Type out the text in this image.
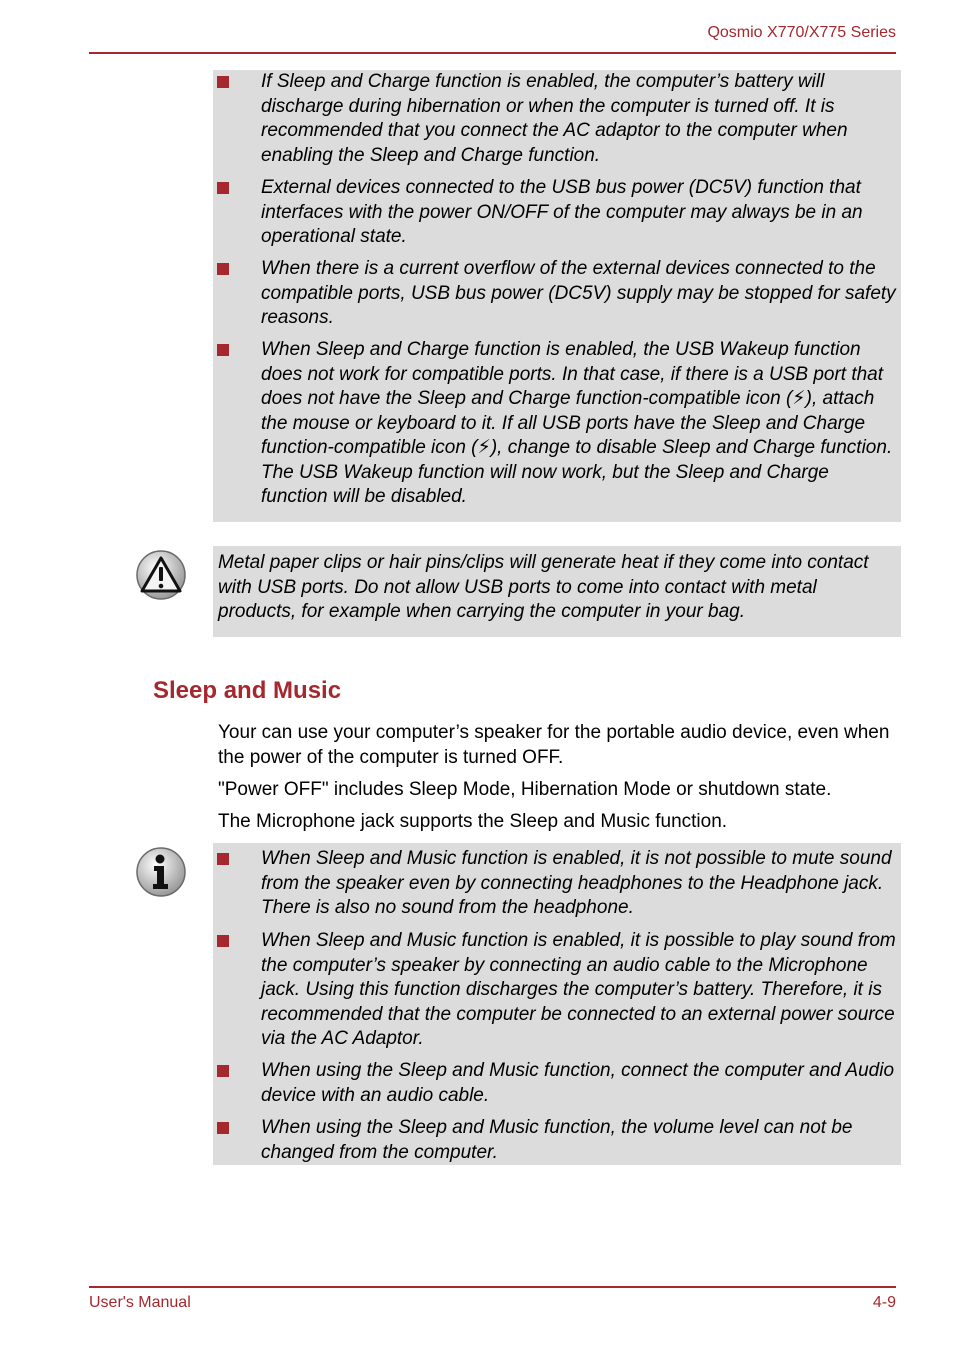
Qosmio X770/X775 Series
If Sleep and Charge function is enabled, the computer’s battery will discharge during hibernation or when the computer is turned off. It is recommended that you connect the AC adaptor to the computer when enabling the Sleep and Charge function.
External devices connected to the USB bus power (DC5V) function that interfaces with the power ON/OFF of the computer may always be in an operational state.
When there is a current overflow of the external devices connected to the compatible ports, USB bus power (DC5V) supply may be stopped for safety reasons.
When Sleep and Charge function is enabled, the USB Wakeup function does not work for compatible ports. In that case, if there is a USB port that does not have the Sleep and Charge function-compatible icon (⚡), attach the mouse or keyboard to it. If all USB ports have the Sleep and Charge function-compatible icon (⚡), change to disable Sleep and Charge function. The USB Wakeup function will now work, but the Sleep and Charge function will be disabled.
Metal paper clips or hair pins/clips will generate heat if they come into contact with USB ports. Do not allow USB ports to come into contact with metal products, for example when carrying the computer in your bag.
Sleep and Music
Your can use your computer’s speaker for the portable audio device, even when the power of the computer is turned OFF.
"Power OFF" includes Sleep Mode, Hibernation Mode or shutdown state.
The Microphone jack supports the Sleep and Music function.
When Sleep and Music function is enabled, it is not possible to mute sound from the speaker even by connecting headphones to the Headphone jack. There is also no sound from the headphone.
When Sleep and Music function is enabled, it is possible to play sound from the computer’s speaker by connecting an audio cable to the Microphone jack. Using this function discharges the computer’s battery. Therefore, it is recommended that the computer be connected to an external power source via the AC Adaptor.
When using the Sleep and Music function, connect the computer and Audio device with an audio cable.
When using the Sleep and Music function, the volume level can not be changed from the computer.
User's Manual	4-9
